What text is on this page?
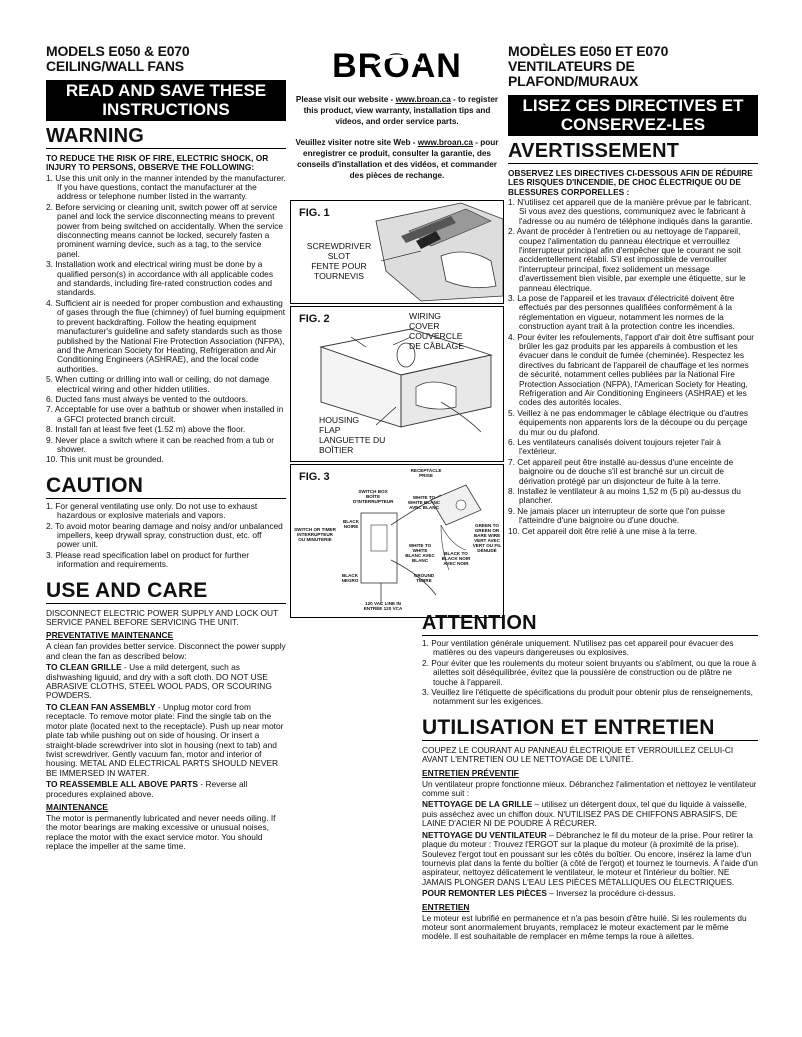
MODELS E050 & E070
CEILING/WALL FANS
READ AND SAVE THESE
INSTRUCTIONS
WARNING
TO REDUCE THE RISK OF FIRE, ELECTRIC SHOCK, OR INJURY TO PERSONS, OBSERVE THE FOLLOWING:
1. Use this unit only in the manner intended by the manufacturer. If you have questions, contact the manufacturer at the address or telephone number listed in the warranty.
2. Before servicing or cleaning unit, switch power off at service panel and lock the service disconnecting means to prevent power from being switched on accidentally. When the service disconnecting means cannot be locked, securely fasten a prominent warning device, such as a tag, to the service panel.
3. Installation work and electrical wiring must be done by a qualified person(s) in accordance with all applicable codes and standards, including fire-rated construction codes and standards.
4. Sufficient air is needed for proper combustion and exhausting of gases through the flue (chimney) of fuel burning equipment to prevent backdrafting. Follow the heating equipment manufacturer's guideline and safety standards such as those published by the National Fire Protection Association (NFPA), and the American Society for Heating, Refrigeration and Air Conditioning Engineers (ASHRAE), and the local code authorities.
5. When cutting or drilling into wall or ceiling, do not damage electrical wiring and other hidden utilities.
6. Ducted fans must always be vented to the outdoors.
7. Acceptable for use over a bathtub or shower when installed in a GFCI protected branch circuit.
8. Install fan at least five feet (1.52 m) above the floor.
9. Never place a switch where it can be reached from a tub or shower.
10. This unit must be grounded.
CAUTION
1. For general ventilating use only. Do not use to exhaust hazardous or explosive materials and vapors.
2. To avoid motor bearing damage and noisy and/or unbalanced impellers, keep drywall spray, construction dust, etc. off power unit.
3. Please read specification label on product for further information and requirements.
USE AND CARE
DISCONNECT ELECTRIC POWER SUPPLY AND LOCK OUT SERVICE PANEL BEFORE SERVICING THE UNIT.
PREVENTATIVE MAINTENANCE
A clean fan provides better service. Disconnect the power supply and clean the fan as described below:
TO CLEAN GRILLE - Use a mild detergent, such as dishwashing liguuid, and dry with a soft cloth. DO NOT USE ABRASIVE CLOTHS, STEEL WOOL PADS, OR SCOURING POWDERS.
TO CLEAN FAN ASSEMBLY - Unplug motor cord from receptacle. To remove motor plate: Find the single tab on the motor plate (located next to the receptacle). Push up near motor plate tab while pushing out on side of housing. Or insert a straight-blade screwdriver into slot in housing (next to tab) and twist screwdriver. Gently vacuum fan, motor and interior of housing. METAL AND ELECTRICAL PARTS SHOULD NEVER BE IMMERSED IN WATER.
TO REASSEMBLE ALL ABOVE PARTS - Reverse all procedures explained above.
MAINTENANCE
The motor is permanently lubricated and never needs oiling. If the motor bearings are making excessive or unusual noises, replace the motor with the exact service motor. You should replace the impeller at the same time.
BROAN
Please visit our website - www.broan.ca - to register this product, view warranty, installation tips and videos, and order service parts.
Veuillez visiter notre site Web - www.broan.ca - pour enregistrer ce produit, consulter la garantie, des conseils d'installation et des vidéos, et commander des pièces de rechange.
FIG. 1
SCREWDRIVER
SLOT
FENTE POUR
TOURNEVIS
FIG. 2	WIRING
COVER
COUVERCLE
DE CÂBLAGE
HOUSING
FLAP
LANGUETTE DU
BOÎTIER
FIG. 3
RECEPTACLE PRISE
SWITCH BOX BOÎTE D'INTERRUPTEUR
WHITE TO WHITE BLANC AVEC BLANC
BLACK NOIRE
SWITCH OR TIMER INTERRUPTEUR OU MINUTERIE
GREEN TO GREEN OR BARE WIRE VERT AVEC VERT OU FIL DÉNUDÉ
WHITE TO WHITE BLANC AVEC BLANC
BLACK TO BLACK NOIR AVEC NOIR
BLACK NEGRO
GROUND TERRE
120 VAC LINE IN ENTRÉE 120 VCA
MODÈLES E050 ET E070
VENTILATEURS DE PLAFOND/MURAUX
LISEZ CES DIRECTIVES ET
CONSERVEZ-LES
AVERTISSEMENT
OBSERVEZ LES DIRECTIVES CI-DESSOUS AFIN DE RÉDUIRE LES RISQUES D'INCENDIE, DE CHOC ÉLECTRIQUE OU DE BLESSURES CORPORELLES :
1. N'utilisez cet appareil que de la manière prévue par le fabricant. Si vous avez des questions, communiquez avec le fabricant à l'adresse ou au numéro de téléphone indiqués dans la garantie.
2. Avant de procéder à l'entretien ou au nettoyage de l'appareil, coupez l'alimentation du panneau électrique et verrouillez l'interrupteur principal afin d'empêcher que le courant ne soit accidentellement rétabli. S'il est impossible de verrouiller l'interrupteur principal, fixez solidement un message d'avertissement bien visible, par exemple une étiquette, sur le panneau électrique.
3. La pose de l'appareil et les travaux d'électricité doivent être effectués par des personnes qualifiées conformément à la réglementation en vigueur, notamment les normes de la construction ayant trait à la protection contre les incendies.
4. Pour éviter les refoulements, l'apport d'air doit être suffisant pour brûler les gaz produits par les appareils à combustion et les évacuer dans le conduit de fumée (cheminée). Respectez les directives du fabricant de l'appareil de chauffage et les normes de sécurité, notamment celles publiées par la National Fire Protection Association (NFPA), l'American Society for Heating, Refrigeration and Air Conditioning Engineers (ASHRAE) et les codes des autorités locales.
5. Veillez à ne pas endommager le câblage électrique ou d'autres équipements non apparents lors de la découpe ou du perçage du mur ou du plafond.
6. Les ventilateurs canalisés doivent toujours rejeter l'air à l'extérieur.
7. Cet appareil peut être installé au-dessus d'une enceinte de baignoire ou de douche s'il est branché sur un circuit de dérivation protégé par un disjoncteur de fuite à la terre.
8. Installez le ventilateur à au moins 1,52 m (5 pi) au-dessus du plancher.
9. Ne jamais placer un interrupteur de sorte que l'on puisse l'atteindre d'une baignoire ou d'une douche.
10. Cet appareil doit être relié à une mise à la terre.
ATTENTION
1. Pour ventilation générale uniquement. N'utilisez pas cet appareil pour évacuer des matières ou des vapeurs dangereuses ou explosives.
2. Pour éviter que les roulements du moteur soient bruyants ou s'abîment, ou que la roue à ailettes soit déséquilibrée, évitez que la poussière de construction ou de plâtre ne touche à l'appareil.
3. Veuillez lire l'étiquette de spécifications du produit pour obtenir plus de renseignements, notamment sur les exigences.
UTILISATION ET ENTRETIEN
COUPEZ LE COURANT AU PANNEAU ÉLECTRIQUE ET VERROUILLEZ CELUI-CI AVANT L'ENTRETIEN OU LE NETTOYAGE DE L'UNITÉ.
ENTRETIEN PRÉVENTIF
Un ventilateur propre fonctionne mieux. Débranchez l'alimentation et nettoyez le ventilateur comme suit :
NETTOYAGE DE LA GRILLE – utilisez un détergent doux, tel que du liquide à vaisselle, puis asséchez avec un chiffon doux. N'UTILISEZ PAS DE CHIFFONS ABRASIFS, DE LAINE D'ACIER NI DE POUDRE À RÉCURER.
NETTOYAGE DU VENTILATEUR – Débranchez le fil du moteur de la prise. Pour retirer la plaque du moteur : Trouvez l'ERGOT sur la plaque du moteur (à proximité de la prise). Soulevez l'ergot tout en poussant sur les côtés du boîtier. Ou encore, insérez la lame d'un tournevis plat dans la fente du boîtier (à côté de l'ergot) et tournez le tournevis. À l'aide d'un aspirateur, nettoyez délicatement le ventilateur, le moteur et l'intérieur du boîtier. NE JAMAIS PLONGER DANS L'EAU LES PIÈCES MÉTALLIQUES OU ÉLECTRIQUES.
POUR REMONTER LES PIÈCES – Inversez la procédure ci-dessus.
ENTRETIEN
Le moteur est lubrifié en permanence et n'a pas besoin d'être huilé. Si les roulements du moteur sont anormalement bruyants, remplacez le moteur exactement par le même modèle. Il est souhaitable de remplacer en même temps la roue à ailettes.
